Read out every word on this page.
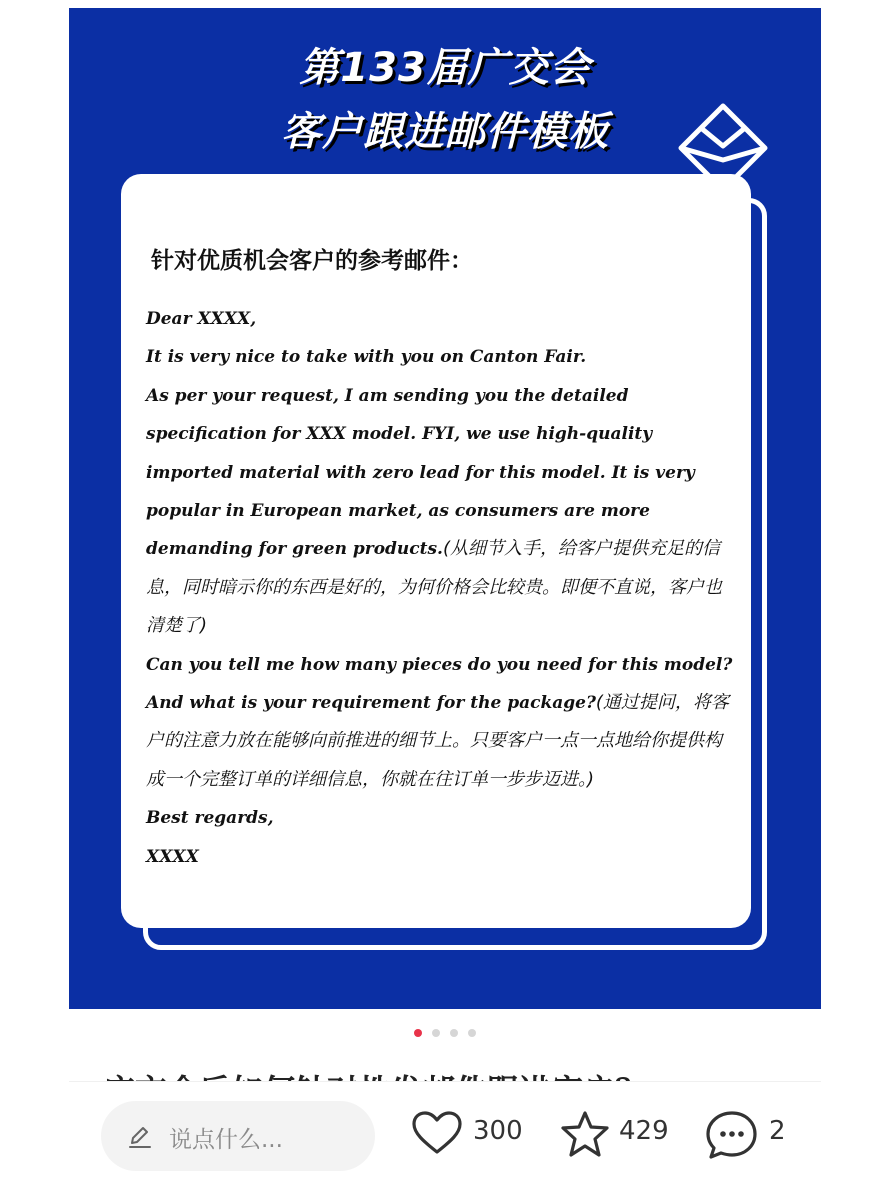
第133届广交会
客户跟进邮件模板
针对优质机会客户的参考邮件：

Dear XXXX,

It is very nice to take with you on Canton Fair.

As per your request, I am sending you the detailed specification for XXX model. FYI, we use high-quality imported material with zero lead for this model. It is very popular in European market, as consumers are more demanding for green products.(从细节入手，给客户提供充足的信息，同时暗示你的东西是好的，为何价格会比较贵。即便不直说，客户也清楚了)

Can you tell me how many pieces do you need for this model?

And what is your requirement for the package?(通过提问，将客户的注意力放在能够向前推进的细节上。只要客户一点一点地给你提供构成一个完整订单的详细信息，你就在往订单一步步迈进。)

Best regards,

XXXX

说点什么...	300	429	2
